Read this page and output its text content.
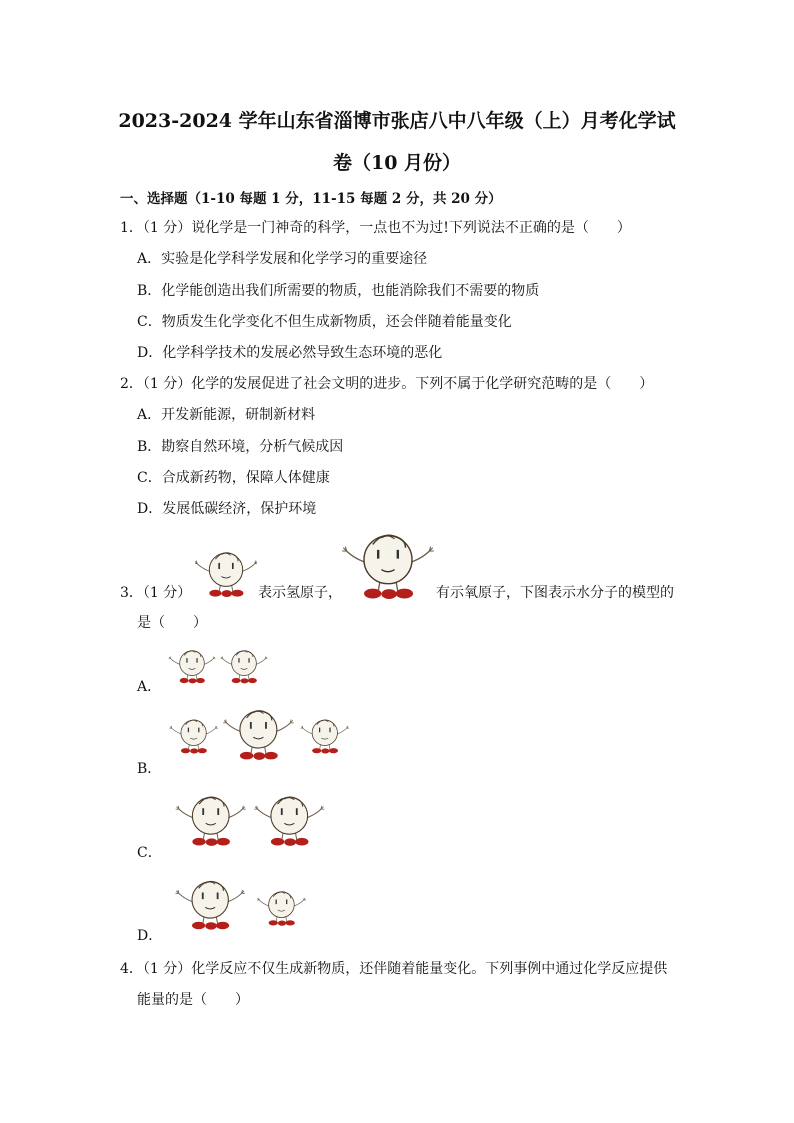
2023-2024 学年山东省淄博市张店八中八年级（上）月考化学试
卷（10 月份）
一、选择题（1-10 每题 1 分，11-15 每题 2 分，共 20 分）
1．（1 分）说化学是一门神奇的科学，一点也不为过!下列说法不正确的是（　　）
A．实验是化学科学发展和化学学习的重要途径
B．化学能创造出我们所需要的物质，也能消除我们不需要的物质
C．物质发生化学变化不但生成新物质，还会伴随着能量变化
D．化学科学技术的发展必然导致生态环境的恶化
2．（1 分）化学的发展促进了社会文明的进步。下列不属于化学研究范畴的是（　　）
A．开发新能源，研制新材料
B．勘察自然环境，分析气候成因
C．合成新药物，保障人体健康
D．发展低碳经济，保护环境
3．（1 分）	表示氢原子，	有示氧原子，下图表示水分子的模型的
是（　　）
A．
B．
C．
D．
4．（1 分）化学反应不仅生成新物质，还伴随着能量变化。下列事例中通过化学反应提供
能量的是（　　）
